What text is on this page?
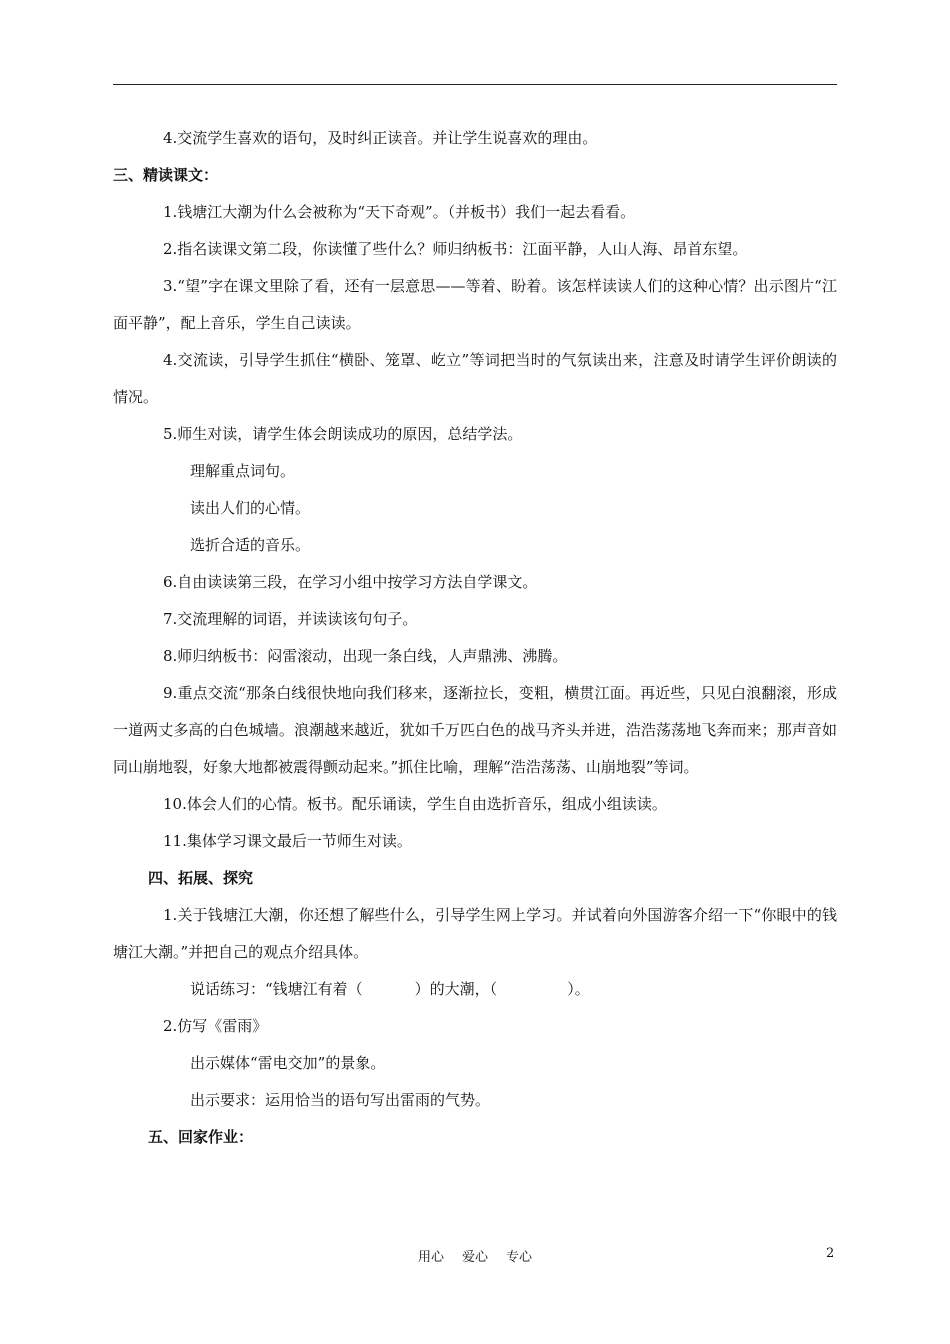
4.交流学生喜欢的语句，及时纠正读音。并让学生说喜欢的理由。

三、精读课文：

1.钱塘江大潮为什么会被称为“天下奇观”。（并板书）我们一起去看看。

2.指名读课文第二段，你读懂了些什么？师归纳板书：江面平静，人山人海、昂首东望。

3.“望”字在课文里除了看，还有一层意思——等着、盼着。该怎样读读人们的这种心情？出示图片“江面平静”，配上音乐，学生自己读读。

4.交流读，引导学生抓住“横卧、笼罩、屹立”等词把当时的气氛读出来，注意及时请学生评价朗读的情况。

5.师生对读，请学生体会朗读成功的原因，总结学法。

理解重点词句。

读出人们的心情。

选折合适的音乐。

6.自由读读第三段，在学习小组中按学习方法自学课文。

7.交流理解的词语，并读读该句句子。

8.师归纳板书：闷雷滚动，出现一条白线，人声鼎沸、沸腾。

9.重点交流“那条白线很快地向我们移来，逐渐拉长，变粗，横贯江面。再近些，只见白浪翻滚，形成一道两丈多高的白色城墙。浪潮越来越近，犹如千万匹白色的战马齐头并进，浩浩荡荡地飞奔而来；那声音如同山崩地裂，好象大地都被震得颤动起来。”抓住比喻，理解“浩浩荡荡、山崩地裂”等词。

10.体会人们的心情。板书。配乐诵读，学生自由选折音乐，组成小组读读。

11.集体学习课文最后一节师生对读。

四、拓展、探究

1.关于钱塘江大潮，你还想了解些什么，引导学生网上学习。并试着向外国游客介绍一下“你眼中的钱塘江大潮。”并把自己的观点介绍具体。

说话练习：“钱塘江有着（	）的大潮，（	）。

2.仿写《雷雨》

出示媒体“雷电交加”的景象。

出示要求：运用恰当的语句写出雷雨的气势。

五、回家作业：

用心 爱心 专心	2
